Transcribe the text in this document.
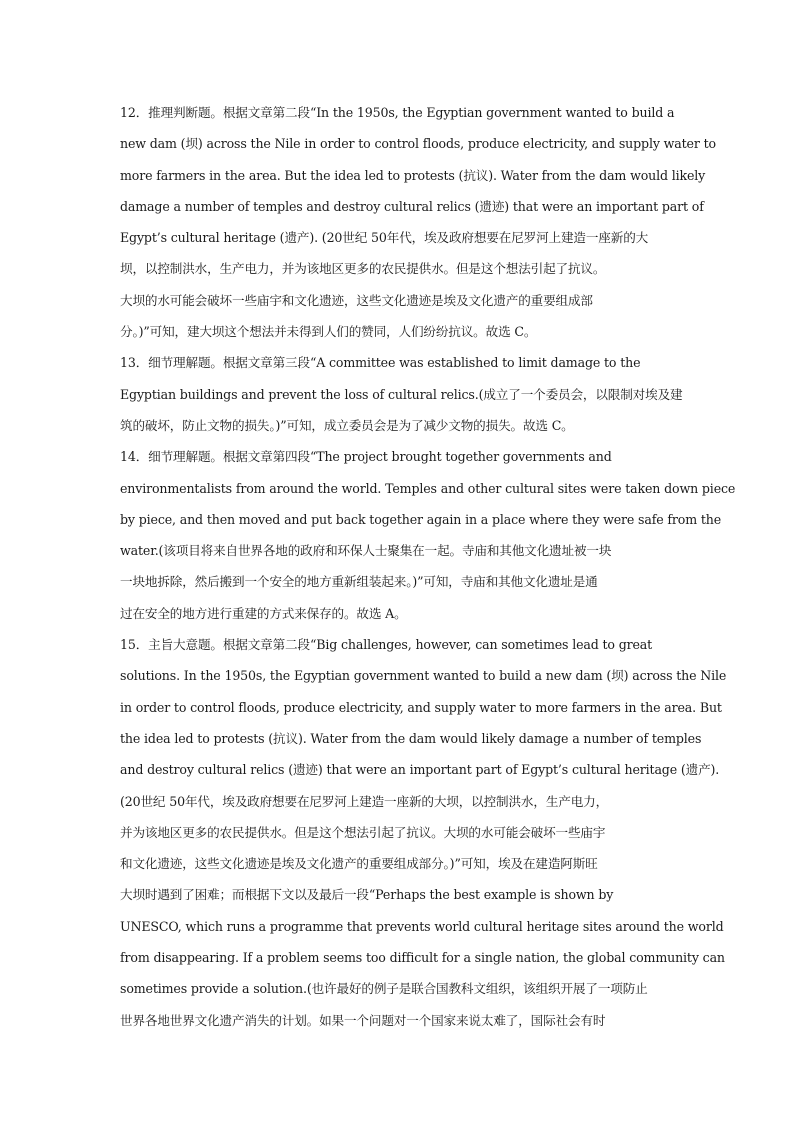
12．推理判断题。根据文章第二段“In the 1950s, the Egyptian government wanted to build a
new dam (坝) across the Nile in order to control floods, produce electricity, and supply water to
more farmers in the area. But the idea led to protests (抗议). Water from the dam would likely
damage a number of temples and destroy cultural relics (遗迹) that were an important part of
Egypt’s cultural heritage (遗产). (20世纪 50年代，埃及政府想要在尼罗河上建造一座新的大
坝，以控制洪水，生产电力，并为该地区更多的农民提供水。但是这个想法引起了抗议。
大坝的水可能会破坏一些庙宇和文化遗迹，这些文化遗迹是埃及文化遗产的重要组成部
分。)”可知，建大坝这个想法并未得到人们的赞同，人们纷纷抗议。故选 C。
13．细节理解题。根据文章第三段“A committee was established to limit damage to the
Egyptian buildings and prevent the loss of cultural relics.(成立了一个委员会，以限制对埃及建
筑的破坏，防止文物的损失。)”可知，成立委员会是为了减少文物的损失。故选 C。
14．细节理解题。根据文章第四段“The project brought together governments and
environmentalists from around the world. Temples and other cultural sites were taken down piece
by piece, and then moved and put back together again in a place where they were safe from the
water.(该项目将来自世界各地的政府和环保人士聚集在一起。寺庙和其他文化遗址被一块
一块地拆除，然后搬到一个安全的地方重新组装起来。)”可知，寺庙和其他文化遗址是通
过在安全的地方进行重建的方式来保存的。故选 A。
15．主旨大意题。根据文章第二段“Big challenges, however, can sometimes lead to great
solutions. In the 1950s, the Egyptian government wanted to build a new dam (坝) across the Nile
in order to control floods, produce electricity, and supply water to more farmers in the area. But
the idea led to protests (抗议). Water from the dam would likely damage a number of temples
and destroy cultural relics (遗迹) that were an important part of Egypt’s cultural heritage (遗产).
(20世纪 50年代，埃及政府想要在尼罗河上建造一座新的大坝，以控制洪水，生产电力，
并为该地区更多的农民提供水。但是这个想法引起了抗议。大坝的水可能会破坏一些庙宇
和文化遗迹，这些文化遗迹是埃及文化遗产的重要组成部分。)”可知，埃及在建造阿斯旺
大坝时遇到了困难；而根据下文以及最后一段“Perhaps the best example is shown by
UNESCO, which runs a programme that prevents world cultural heritage sites around the world
from disappearing. If a problem seems too difficult for a single nation, the global community can
sometimes provide a solution.(也许最好的例子是联合国教科文组织，该组织开展了一项防止
世界各地世界文化遗产消失的计划。如果一个问题对一个国家来说太难了，国际社会有时
